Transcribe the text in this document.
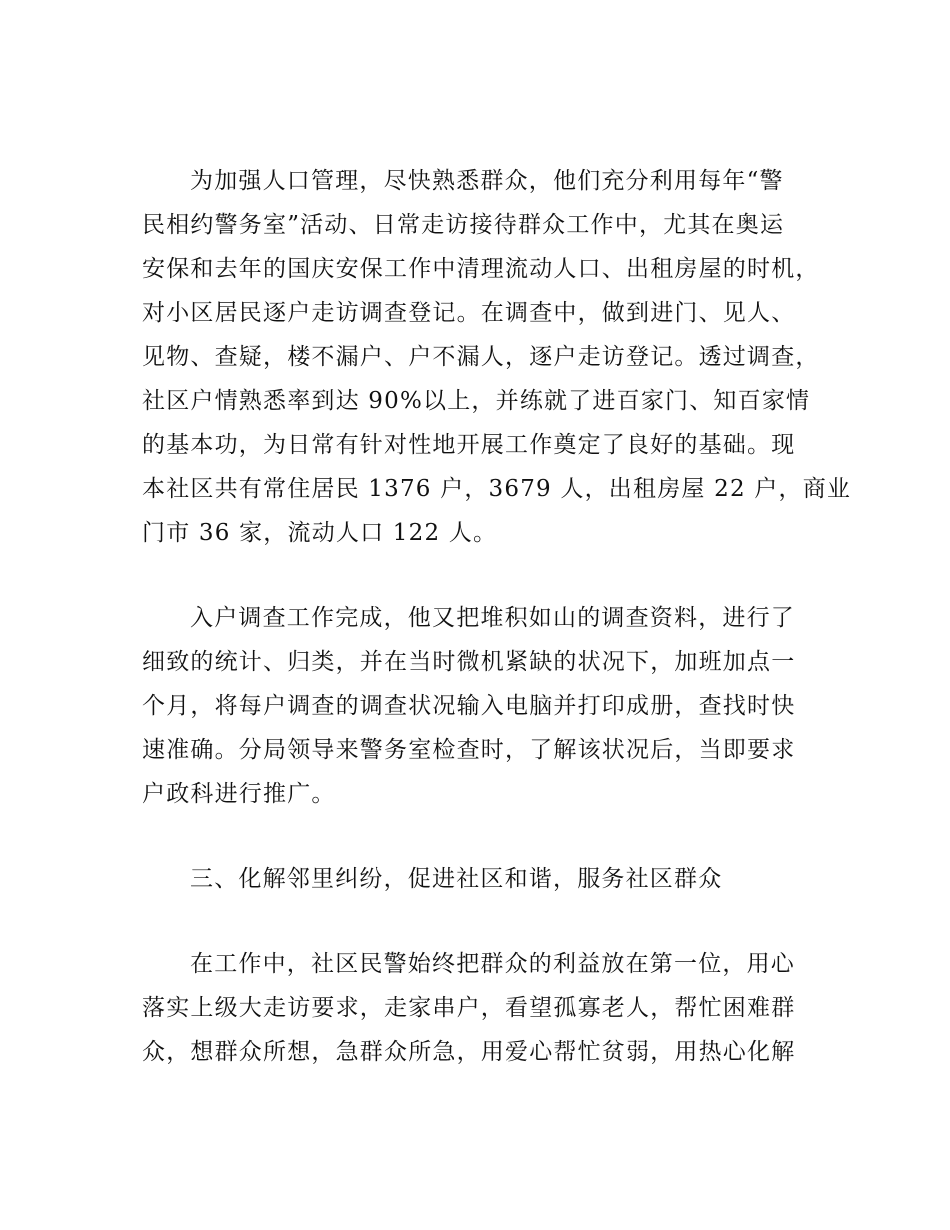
为加强人口管理，尽快熟悉群众，他们充分利用每年“警
民相约警务室”活动、日常走访接待群众工作中，尤其在奥运
安保和去年的国庆安保工作中清理流动人口、出租房屋的时机，
对小区居民逐户走访调查登记。在调查中，做到进门、见人、
见物、查疑，楼不漏户、户不漏人，逐户走访登记。透过调查，
社区户情熟悉率到达 90%以上，并练就了进百家门、知百家情
的基本功，为日常有针对性地开展工作奠定了良好的基础。现
本社区共有常住居民 1376 户，3679 人，出租房屋 22 户，商业
门市 36 家，流动人口 122 人。
入户调查工作完成，他又把堆积如山的调查资料，进行了
细致的统计、归类，并在当时微机紧缺的状况下，加班加点一
个月，将每户调查的调查状况输入电脑并打印成册，查找时快
速准确。分局领导来警务室检查时，了解该状况后，当即要求
户政科进行推广。
三、化解邻里纠纷，促进社区和谐，服务社区群众
在工作中，社区民警始终把群众的利益放在第一位，用心
落实上级大走访要求，走家串户，看望孤寡老人，帮忙困难群
众，想群众所想，急群众所急，用爱心帮忙贫弱，用热心化解
